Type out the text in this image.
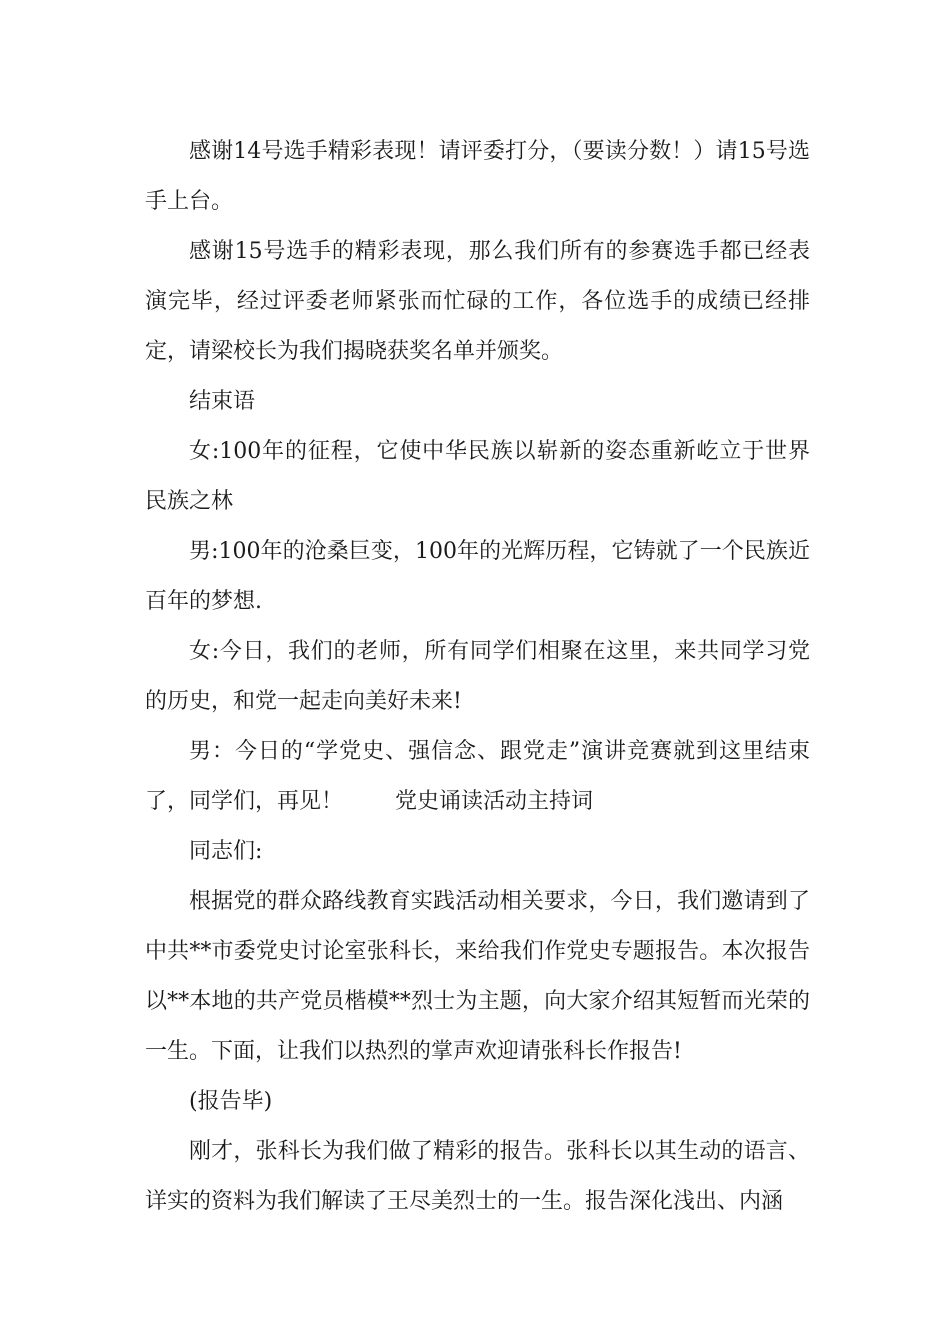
感谢14号选手精彩表现！请评委打分，（要读分数！）请15号选手上台。

感谢15号选手的精彩表现，那么我们所有的参赛选手都已经表演完毕，经过评委老师紧张而忙碌的工作，各位选手的成绩已经排定，请梁校长为我们揭晓获奖名单并颁奖。

结束语

女:100年的征程，它使中华民族以崭新的姿态重新屹立于世界民族之林

男:100年的沧桑巨变，100年的光辉历程，它铸就了一个民族近百年的梦想.

女:今日，我们的老师，所有同学们相聚在这里，来共同学习党的历史，和党一起走向美好未来!

男：今日的“学党史、强信念、跟党走”演讲竞赛就到这里结束了，同学们，再见！ 党史诵读活动主持词

同志们:

根据党的群众路线教育实践活动相关要求，今日，我们邀请到了中共**市委党史讨论室张科长，来给我们作党史专题报告。本次报告以**本地的共产党员楷模**烈士为主题，向大家介绍其短暂而光荣的一生。下面，让我们以热烈的掌声欢迎请张科长作报告!

(报告毕)

刚才，张科长为我们做了精彩的报告。张科长以其生动的语言、详实的资料为我们解读了王尽美烈士的一生。报告深化浅出、内涵
